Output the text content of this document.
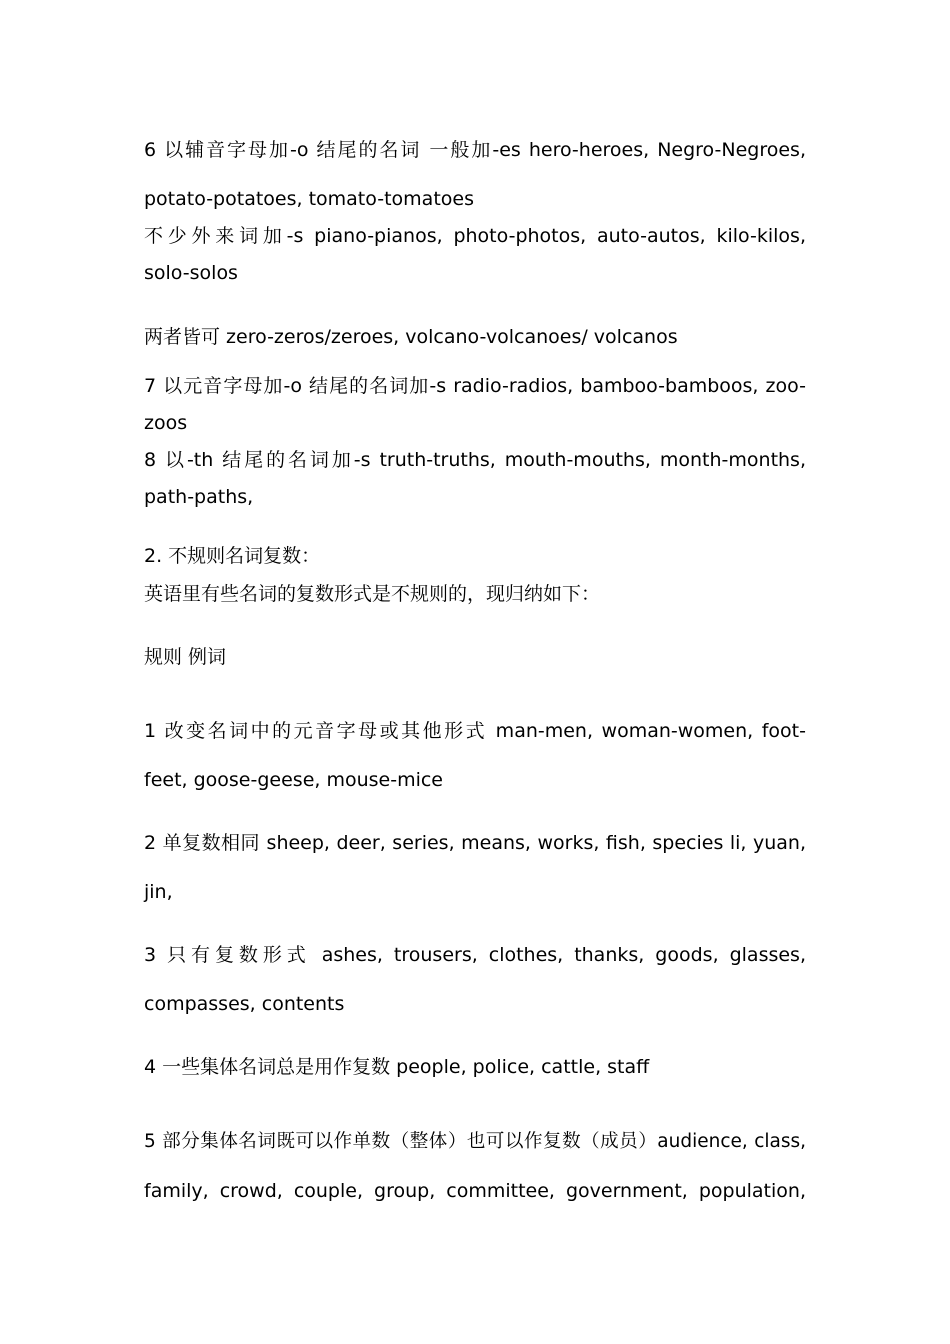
6 以辅音字母加-o 结尾的名词 一般加-es hero-heroes, Negro-Negroes,
potato-potatoes, tomato-tomatoes
不少外来词加-s piano-pianos, photo-photos, auto-autos, kilo-kilos,
solo-solos
两者皆可 zero-zeros/zeroes, volcano-volcanoes/ volcanos
7 以元音字母加-o 结尾的名词加-s radio-radios, bamboo-bamboos, zoo-
zoos
8 以-th 结尾的名词加-s truth-truths, mouth-mouths, month-months,
path-paths,
2. 不规则名词复数：
英语里有些名词的复数形式是不规则的，现归纳如下：
规则 例词
1 改变名词中的元音字母或其他形式 man-men, woman-women, foot-
feet, goose-geese, mouse-mice
2 单复数相同 sheep, deer, series, means, works, fish, species li, yuan,
jin,
3 只有复数形式 ashes, trousers, clothes, thanks, goods, glasses,
compasses, contents
4 一些集体名词总是用作复数 people, police, cattle, staff
5 部分集体名词既可以作单数（整体）也可以作复数（成员）audience, class,
family, crowd, couple, group, committee, government, population,
